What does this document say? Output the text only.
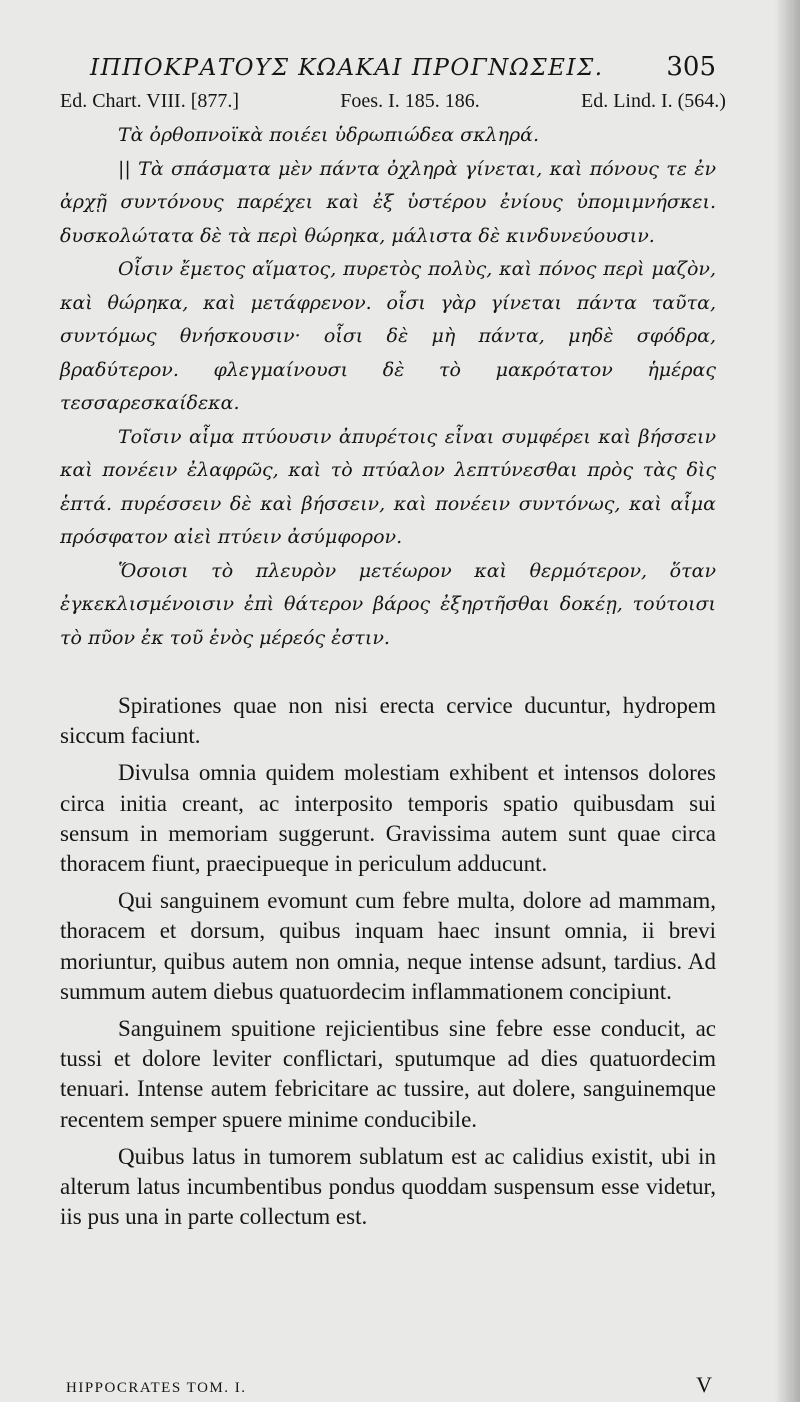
ΙΠΠΟΚΡΑΤΟΥΣ ΚΩΑΚΑΙ ΠΡΟΓΝΩΣΕΙΣ. 305
Ed. Chart. VIII. [877.]	Foes. I. 185. 186.	Ed. Lind. I. (564.)

Τὰ ὀρθοπνοϊκὰ ποιέει ὑδρωπιώδεα σκληρά.

|| Τὰ σπάσματα μὲν πάντα ὀχληρὰ γίνεται, καὶ πόνους τε ἐν ἀρχῇ συντόνους παρέχει καὶ ἐξ ὑστέρου ἐνίους ὑπομιμνήσκει. δυσκολώτατα δὲ τὰ περὶ θώρηκα, μάλιστα δὲ κινδυνεύουσιν.

Οἷσιν ἔμετος αἵματος, πυρετὸς πολὺς, καὶ πόνος περὶ μαζὸν, καὶ θώρηκα, καὶ μετάφρενον. οἷσι γὰρ γίνεται πάντα ταῦτα, συντόμως θνήσκουσιν· οἷσι δὲ μὴ πάντα, μηδὲ σφόδρα, βραδύτερον. φλεγμαίνουσι δὲ τὸ μακρότατον ἡμέρας τεσσαρεσκαίδεκα.

Τοῖσιν αἷμα πτύουσιν ἀπυρέτοις εἶναι συμφέρει καὶ βήσσειν καὶ πονέειν ἐλαφρῶς, καὶ τὸ πτύαλον λεπτύνεσθαι πρὸς τὰς δὶς ἑπτά. πυρέσσειν δὲ καὶ βήσσειν, καὶ πονέειν συντόνως, καὶ αἷμα πρόσφατον αἰεὶ πτύειν ἀσύμφορον.

Ὅσοισι τὸ πλευρὸν μετέωρον καὶ θερμότερον, ὅταν ἐγκεκλισμένοισιν ἐπὶ θάτερον βάρος ἐξηρτῆσθαι δοκέῃ, τούτοισι τὸ πῦον ἐκ τοῦ ἑνὸς μέρεός ἐστιν.

Spirationes quae non nisi erecta cervice ducuntur, hydropem siccum faciunt.

Divulsa omnia quidem molestiam exhibent et intensos dolores circa initia creant, ac interposito temporis spatio quibusdam sui sensum in memoriam suggerunt. Gravissima autem sunt quae circa thoracem fiunt, praecipueque in periculum adducunt.

Qui sanguinem evomunt cum febre multa, dolore ad mammam, thoracem et dorsum, quibus inquam haec insunt omnia, ii brevi moriuntur, quibus autem non omnia, neque intense adsunt, tardius. Ad summum autem diebus quatuordecim inflammationem concipiunt.

Sanguinem spuitione rejicientibus sine febre esse conducit, ac tussi et dolore leviter conflictari, sputumque ad dies quatuordecim tenuari. Intense autem febricitare ac tussire, aut dolere, sanguinemque recentem semper spuere minime conducibile.

Quibus latus in tumorem sublatum est ac calidius existit, ubi in alterum latus incumbentibus pondus quoddam suspensum esse videtur, iis pus una in parte collectum est.

HIPPOCRATES TOM. I.	V
